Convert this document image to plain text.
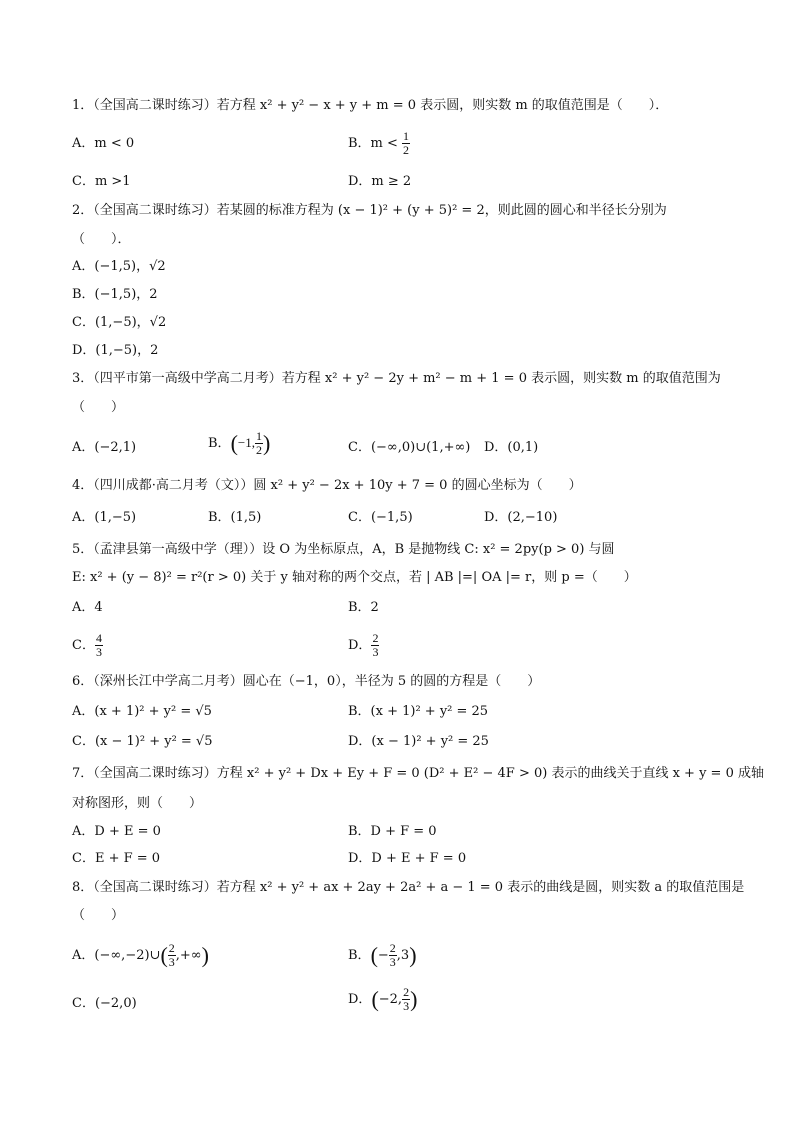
1．（全国高二课时练习）若方程 x² + y² − x + y + m = 0 表示圆，则实数 m 的取值范围是（　　）．
A．m < 0	B．$m < \frac{1}{2}$
C．m >1	D．m ≥ 2
2．（全国高二课时练习）若某圆的标准方程为 (x − 1)² + (y + 5)² = 2，则此圆的圆心和半径长分别为
（　　）．
A．(−1,5)，√2
B．(−1,5)，2
C．(1,−5)，√2
D．(1,−5)，2
3．（四平市第一高级中学高二月考）若方程 x² + y² − 2y + m² − m + 1 = 0 表示圆，则实数 m 的取值范围为
（　　）
A．(−2,1)	B．(−1, $\frac{1}{2}$ )	C．(−∞,0)∪(1,+∞) D．(0,1)
4．（四川成都·高二月考（文））圆 x² + y² − 2x + 10y + 7 = 0 的圆心坐标为（　　）
A．(1,−5)	B．(1,5)	C．(−1,5)	D．(2,−10)
5．（孟津县第一高级中学（理））设 O 为坐标原点，A，B 是抛物线 C: x² = 2py(p > 0) 与圆
E: x² + (y − 8)² = r²(r > 0) 关于 y 轴对称的两个交点，若 | AB |=| OA |= r，则 p =（　　）
A．4	B．2
C． $\frac{4}{3}$	D． $\frac{2}{3}$
6．（深州长江中学高二月考）圆心在（−1，0），半径为 5 的圆的方程是（　　）
A．(x + 1)² + y² = √5	B．(x + 1)² + y² = 25
C．(x − 1)² + y² = √5	D．(x − 1)² + y² = 25
7．（全国高二课时练习）方程 x² + y² + Dx + Ey + F = 0 (D² + E² − 4F > 0) 表示的曲线关于直线 x + y = 0 成轴
对称图形，则（　　）
A．D + E = 0	B．D + F = 0
C．E + F = 0	D．D + E + F = 0
8．（全国高二课时练习）若方程 x² + y² + ax + 2ay + 2a² + a − 1 = 0 表示的曲线是圆，则实数 a 的取值范围是
（　　）
A．(−∞,−2)∪( $\frac{2}{3}$ ,+∞)	B．(− $\frac{2}{3} ,3$)
C．(−2,0)	D．(−2, $\frac{2}{3}$ )
